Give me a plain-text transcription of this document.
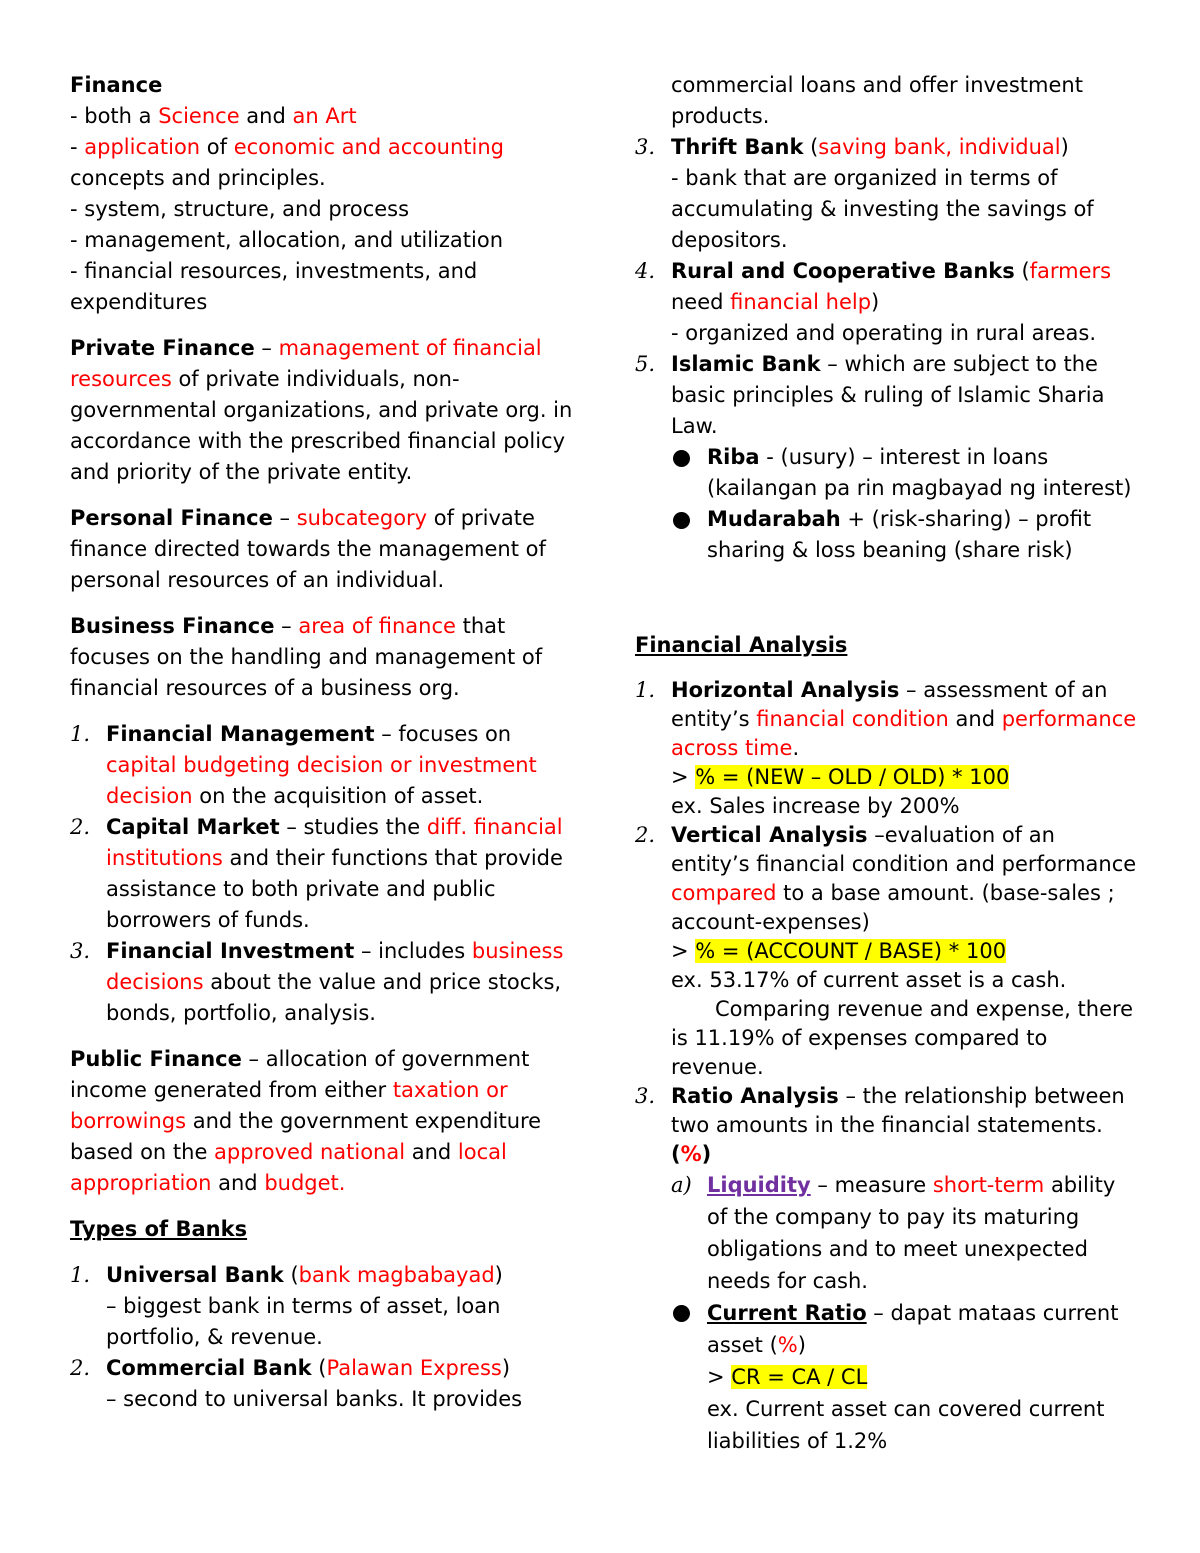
Finance
- both a Science and an Art
- application of economic and accounting
concepts and principles.
- system, structure, and process
- management, allocation, and utilization
- financial resources, investments, and
expenditures

Private Finance – management of financial resources of private individuals, non-governmental organizations, and private org. in accordance with the prescribed financial policy and priority of the private entity.

Personal Finance – subcategory of private finance directed towards the management of personal resources of an individual.

Business Finance – area of finance that focuses on the handling and management of financial resources of a business org.

1. Financial Management – focuses on capital budgeting decision or investment decision on the acquisition of asset.
2. Capital Market – studies the diff. financial institutions and their functions that provide assistance to both private and public borrowers of funds.
3. Financial Investment – includes business decisions about the value and price stocks, bonds, portfolio, analysis.

Public Finance – allocation of government income generated from either taxation or borrowings and the government expenditure based on the approved national and local appropriation and budget.

Types of Banks
1. Universal Bank (bank magbabayad)
– biggest bank in terms of asset, loan portfolio, & revenue.
2. Commercial Bank (Palawan Express)
– second to universal banks. It provides
commercial loans and offer investment products.
3. Thrift Bank (saving bank, individual)
- bank that are organized in terms of accumulating & investing the savings of depositors.
4. Rural and Cooperative Banks (farmers need financial help)
- organized and operating in rural areas.
5. Islamic Bank – which are subject to the basic principles & ruling of Islamic Sharia Law.
Riba - (usury) – interest in loans (kailangan pa rin magbayad ng interest)
Mudarabah + (risk-sharing) – profit sharing & loss beaning (share risk)
Financial Analysis
1. Horizontal Analysis – assessment of an entity’s financial condition and performance across time.
> % = (NEW – OLD / OLD) * 100
ex. Sales increase by 200%
2. Vertical Analysis –evaluation of an entity’s financial condition and performance compared to a base amount. (base-sales ; account-expenses)
> % = (ACCOUNT / BASE) * 100
ex. 53.17% of current asset is a cash.
Comparing revenue and expense, there is 11.19% of expenses compared to revenue.
3. Ratio Analysis – the relationship between two amounts in the financial statements. (%)
a) Liquidity – measure short-term ability of the company to pay its maturing obligations and to meet unexpected needs for cash.
Current Ratio – dapat mataas current asset (%)
> CR = CA / CL
ex. Current asset can covered current liabilities of 1.2%
